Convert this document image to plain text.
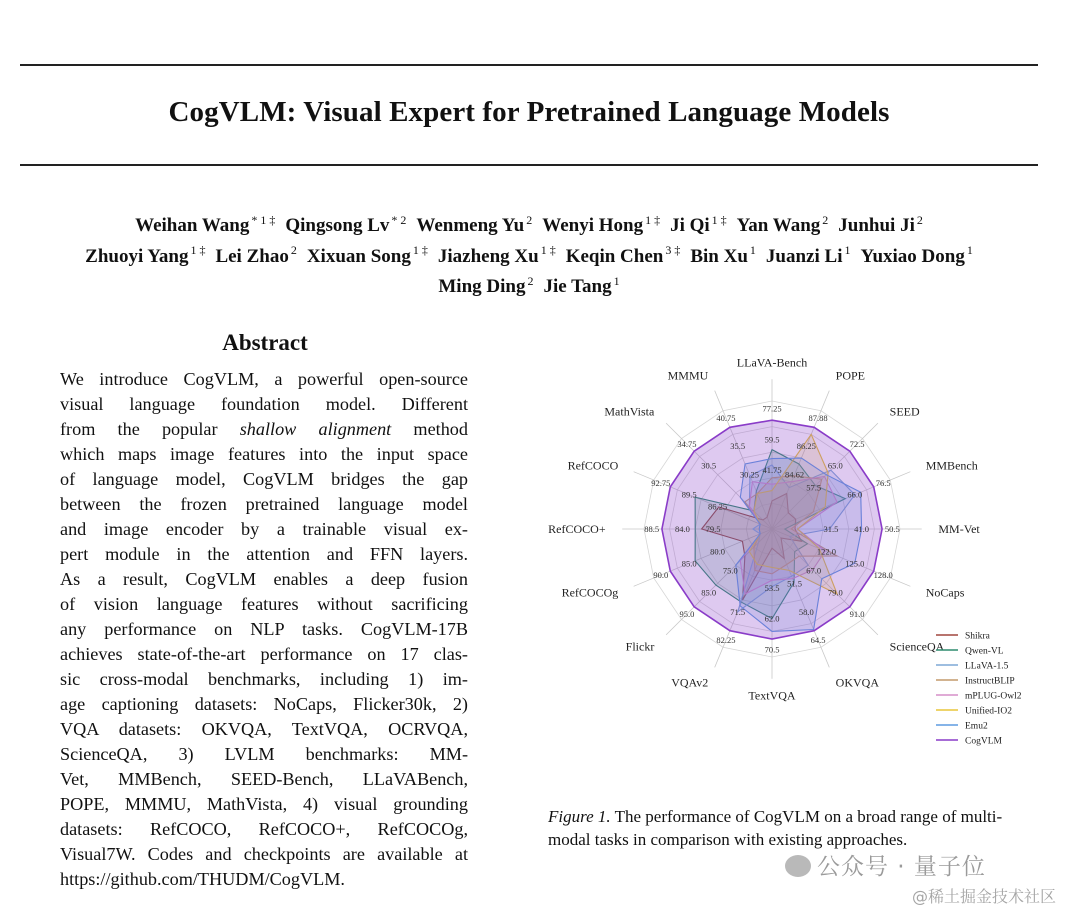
CogVLM: Visual Expert for Pretrained Language Models
Weihan Wang $^{* 1 \ddagger}$ Qingsong Lv $^{* 2}$ Wenmeng Yu $^2$ Wenyi Hong $^{1 \ddagger}$ Ji Qi $^{1 \ddagger}$ Yan Wang $^2$ Junhui Ji $^2$
Zhuoyi Yang $^{1 \ddagger}$ Lei Zhao $^2$ Xixuan Song $^{1 \ddagger}$ Jiazheng Xu $^{1 \ddagger}$ Keqin Chen $^{3 \ddagger}$ Bin Xu $^1$ Juanzi Li $^1$ Yuxiao Dong $^1$
Ming Ding $^2$ Jie Tang $^1$
Abstract
We introduce CogVLM, a powerful open-source
visual language foundation model. Different
from the popular shallow alignment method
which maps image features into the input space
of language model, CogVLM bridges the gap
between the frozen pretrained language model
and image encoder by a trainable visual ex-
pert module in the attention and FFN layers.
As a result, CogVLM enables a deep fusion
of vision language features without sacrificing
any performance on NLP tasks. CogVLM-17B
achieves state-of-the-art performance on 17 clas-
sic cross-modal benchmarks, including 1) im-
age captioning datasets: NoCaps, Flicker30k, 2)
VQA datasets: OKVQA, TextVQA, OCRVQA,
ScienceQA, 3) LVLM benchmarks: MM-
Vet, MMBench, SEED-Bench, LLaVABench,
POPE, MMMU, MathVista, 4) visual grounding
datasets: RefCOCO, RefCOCO+, RefCOCOg,
Visual7W. Codes and checkpoints are available at
https://github.com/THUDM/CogVLM.
77.25
59.5
41.75
87.88
86.25
84.62
72.5
65.0
57.5	76.5
66.0
50.5
41.0
31.5
128.0
125.0
122.0
91.0
79.0
67.0
64.5
58.0
51.5
70.5
62.0
53.5
82.25
71.5
95.0
85.0
75.0
90.0
85.0
80.0
88.5 84.0 79.5
92.75
89.5
86.25
34.75
30.5
40.75
35.5
30.25
LLaVA-Bench
POPE
SEED
MMBench
MM-Vet
NoCaps
ScienceQA
OKVQA
TextVQA
VQAv2
Flickr
RefCOCOg
RefCOCO+
RefCOCO
MathVista
MMMU
Shikra
Qwen-VL
LLaVA-1.5
InstructBLIP
mPLUG-Owl2
Unified-IO2
Emu2
CogVLM
Figure 1. The performance of CogVLM on a broad range of multi-modal tasks in comparison with existing approaches.
公众号 · 量子位
@稀土掘金技术社区
